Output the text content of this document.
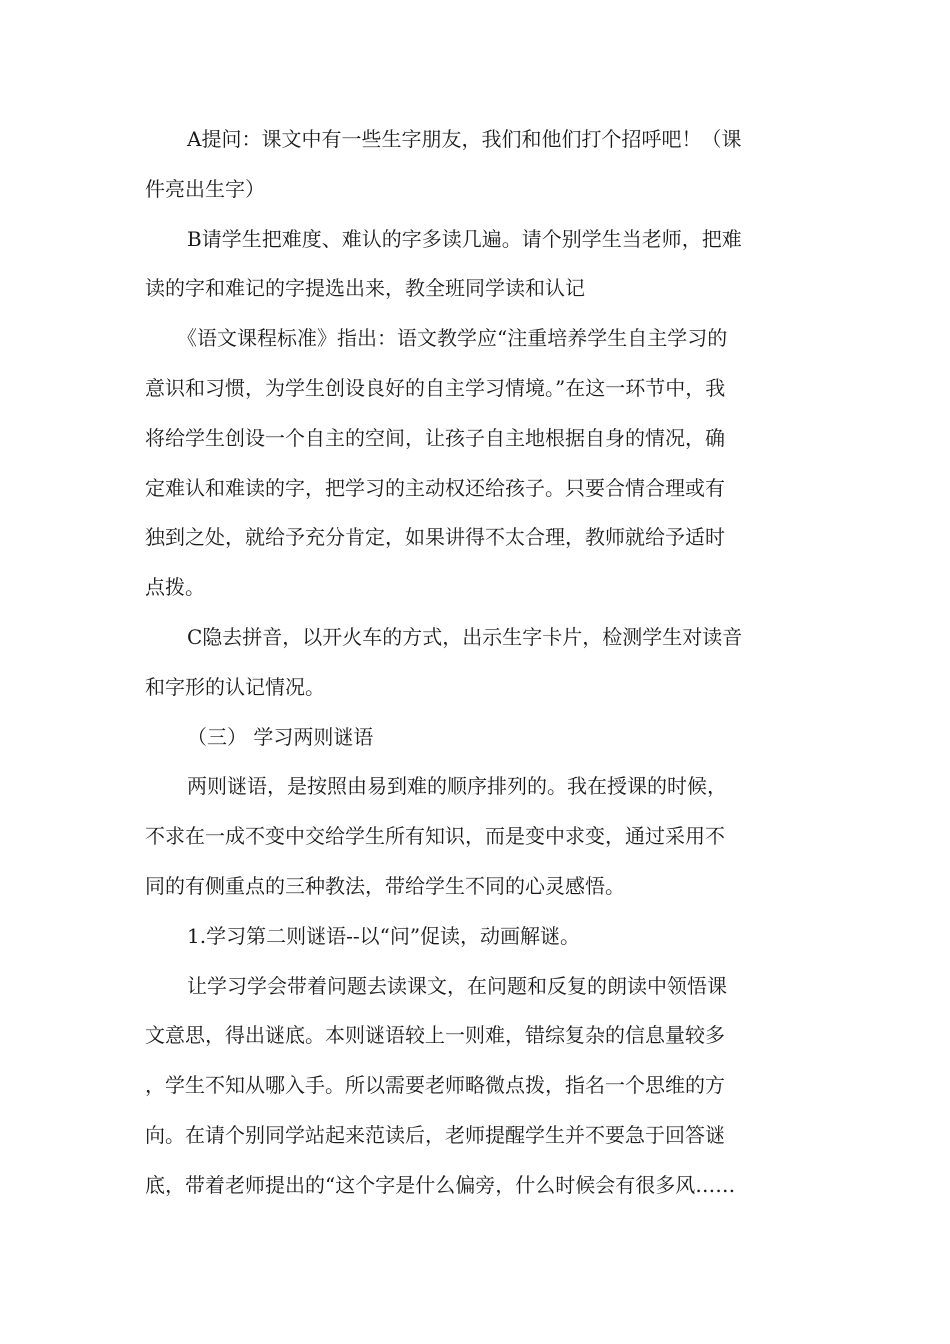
A提问：课文中有一些生字朋友，我们和他们打个招呼吧！（课
件亮出生字）

B请学生把难度、难认的字多读几遍。请个别学生当老师，把难
读的字和难记的字提选出来，教全班同学读和认记

《语文课程标准》指出：语文教学应“注重培养学生自主学习的
意识和习惯，为学生创设良好的自主学习情境。”在这一环节中，我
将给学生创设一个自主的空间，让孩子自主地根据自身的情况，确
定难认和难读的字，把学习的主动权还给孩子。只要合情合理或有
独到之处，就给予充分肯定，如果讲得不太合理，教师就给予适时
点拨。

C隐去拼音，以开火车的方式，出示生字卡片，检测学生对读音
和字形的认记情况。

（三） 学习两则谜语

两则谜语，是按照由易到难的顺序排列的。我在授课的时候，
不求在一成不变中交给学生所有知识，而是变中求变，通过采用不
同的有侧重点的三种教法，带给学生不同的心灵感悟。

1.学习第二则谜语--以“问”促读，动画解谜。

让学习学会带着问题去读课文，在问题和反复的朗读中领悟课
文意思，得出谜底。本则谜语较上一则难，错综复杂的信息量较多
，学生不知从哪入手。所以需要老师略微点拨，指名一个思维的方
向。在请个别同学站起来范读后，老师提醒学生并不要急于回答谜
底，带着老师提出的“这个字是什么偏旁，什么时候会有很多风……
